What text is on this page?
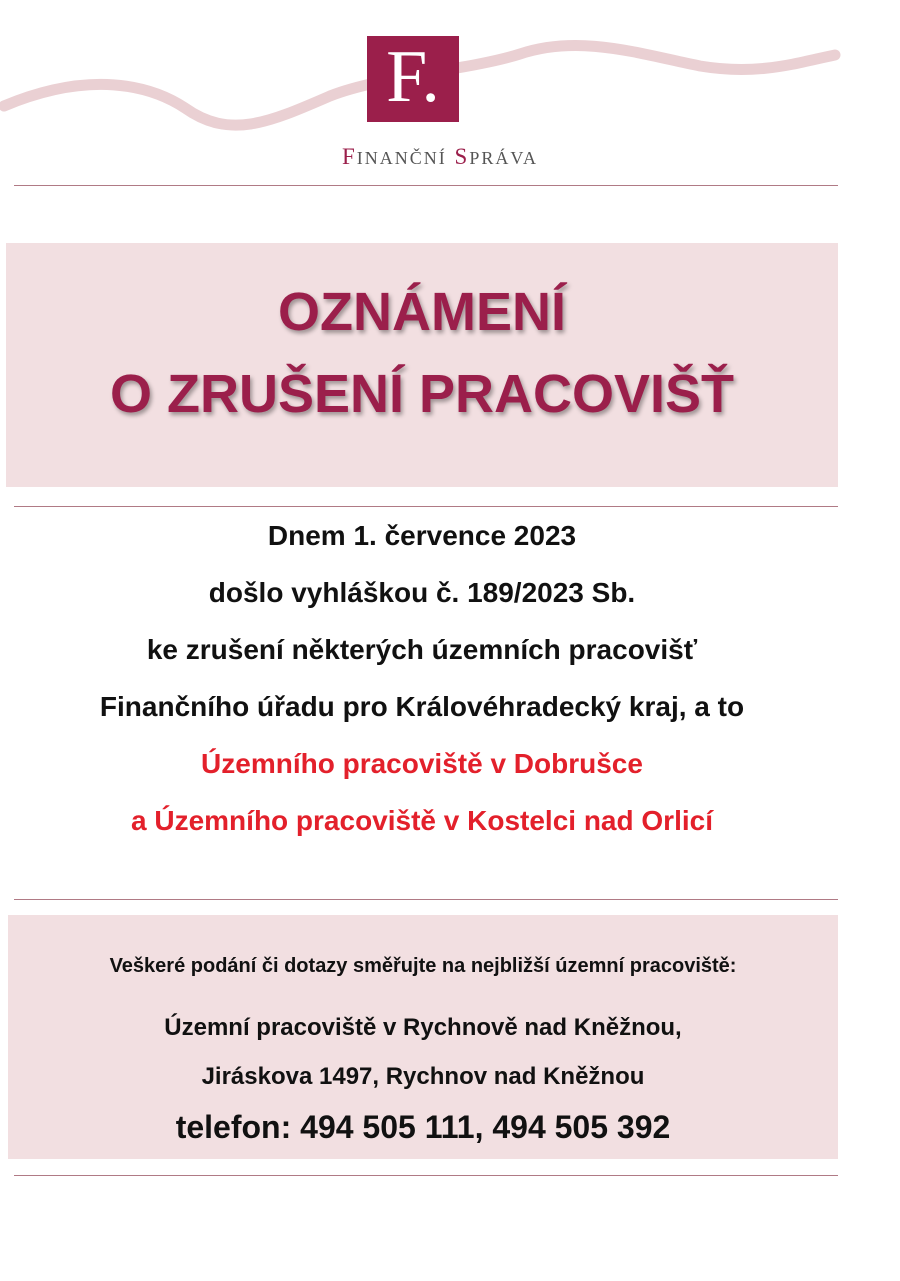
F.
FINANČNÍ SPRÁVA
OZNÁMENÍ
O ZRUŠENÍ PRACOVIŠŤ
Dnem 1. července 2023
došlo vyhláškou č. 189/2023 Sb.
ke zrušení některých územních pracovišť
Finančního úřadu pro Královéhradecký kraj, a to
Územního pracoviště v Dobrušce
a Územního pracoviště v Kostelci nad Orlicí
Veškeré podání či dotazy směřujte na nejbližší územní pracoviště:
Územní pracoviště v Rychnově nad Kněžnou,
Jiráskova 1497, Rychnov nad Kněžnou
telefon: 494 505 111, 494 505 392
